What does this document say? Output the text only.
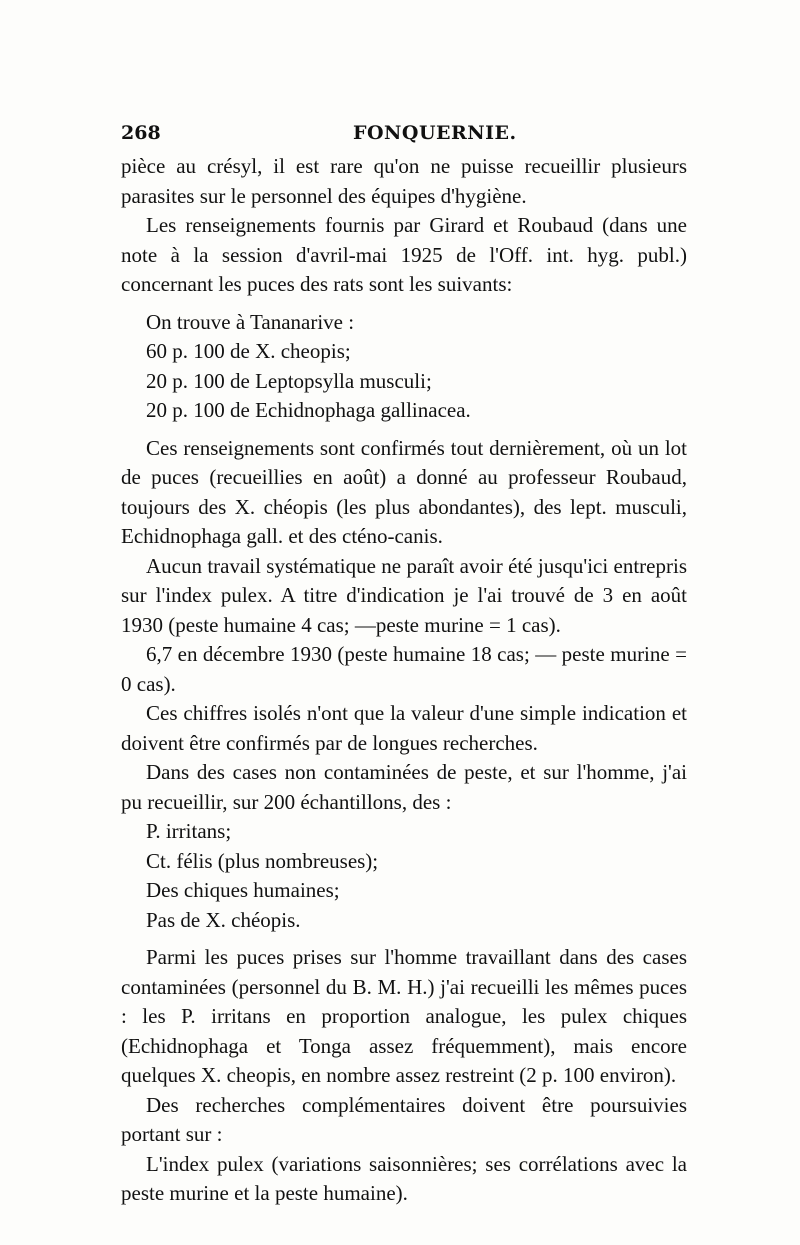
268	FONQUERNIE.

pièce au crésyl, il est rare qu'on ne puisse recueillir plusieurs parasites sur le personnel des équipes d'hygiène.

Les renseignements fournis par Girard et Roubaud (dans une note à la session d'avril-mai 1925 de l'Off. int. hyg. publ.) concernant les puces des rats sont les suivants:

On trouve à Tananarive :

60 p. 100 de X. cheopis;

20 p. 100 de Leptopsylla musculi;

20 p. 100 de Echidnophaga gallinacea.

Ces renseignements sont confirmés tout dernièrement, où un lot de puces (recueillies en août) a donné au professeur Roubaud, toujours des X. chéopis (les plus abondantes), des lept. musculi, Echidnophaga gall. et des cténo-canis.

Aucun travail systématique ne paraît avoir été jusqu'ici entrepris sur l'index pulex. A titre d'indication je l'ai trouvé de 3 en août 1930 (peste humaine 4 cas; —peste murine = 1 cas).

6,7 en décembre 1930 (peste humaine 18 cas; — peste murine = 0 cas).

Ces chiffres isolés n'ont que la valeur d'une simple indication et doivent être confirmés par de longues recherches.

Dans des cases non contaminées de peste, et sur l'homme, j'ai pu recueillir, sur 200 échantillons, des :

P. irritans;

Ct. félis (plus nombreuses);

Des chiques humaines;

Pas de X. chéopis.

Parmi les puces prises sur l'homme travaillant dans des cases contaminées (personnel du B. M. H.) j'ai recueilli les mêmes puces : les P. irritans en proportion analogue, les pulex chiques (Echidnophaga et Tonga assez fréquemment), mais encore quelques X. cheopis, en nombre assez restreint (2 p. 100 environ).

Des recherches complémentaires doivent être poursuivies portant sur :

L'index pulex (variations saisonnières; ses corrélations avec la peste murine et la peste humaine).
